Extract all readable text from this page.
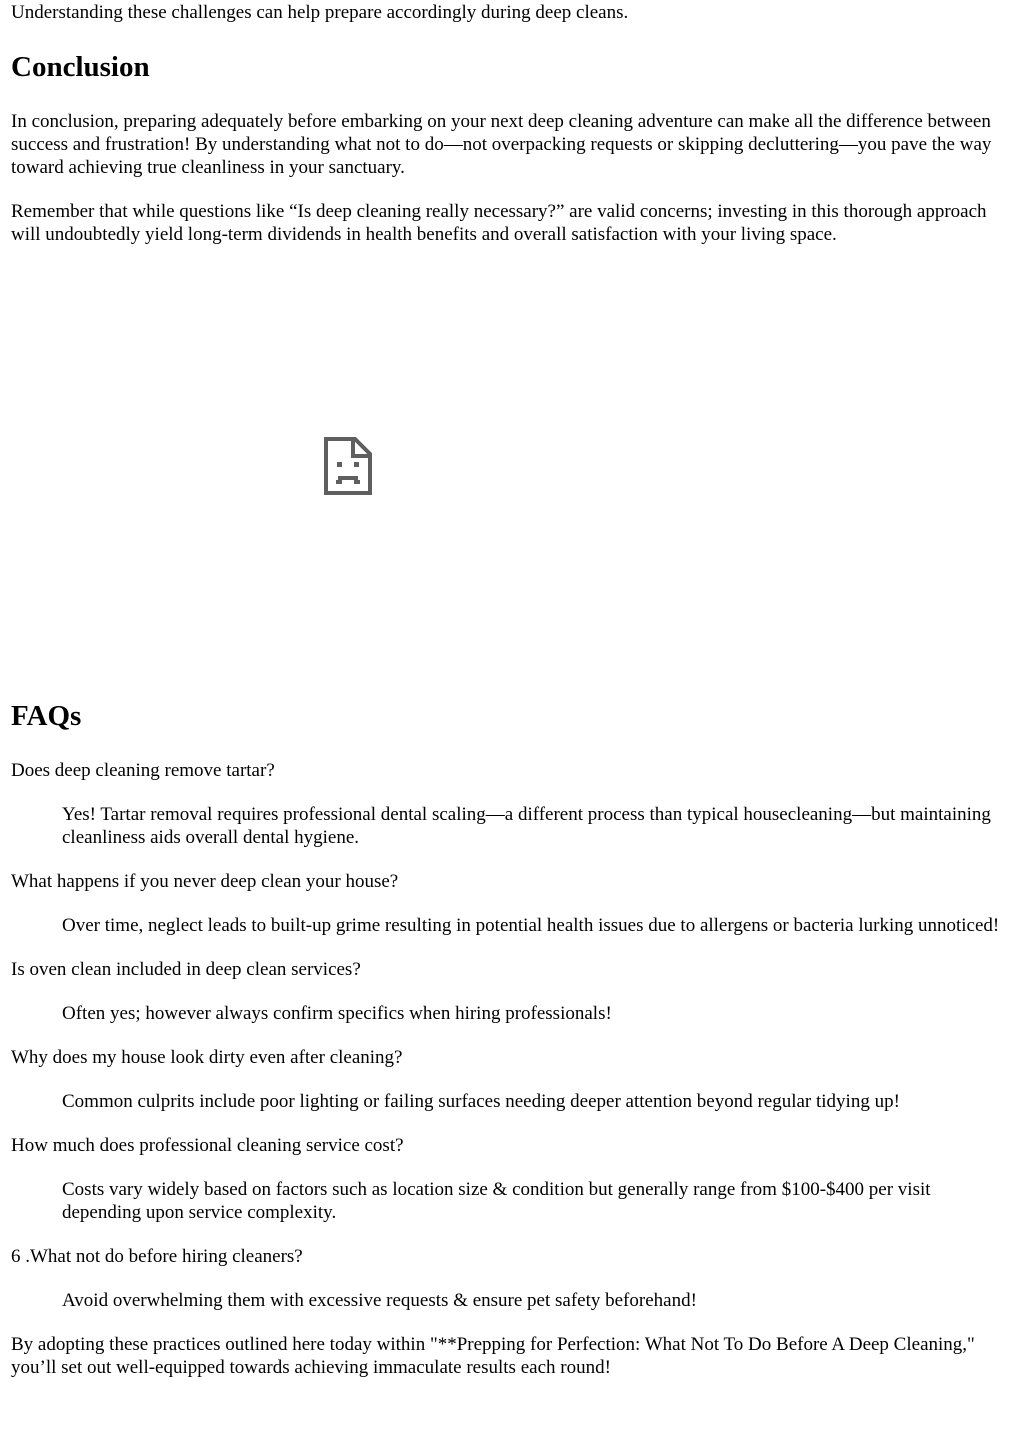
Understanding these challenges can help prepare accordingly during deep cleans.

Conclusion

In conclusion, preparing adequately before embarking on your next deep cleaning adventure can make all the difference between success and frustration! By understanding what not to do—not overpacking requests or skipping decluttering—you pave the way toward achieving true cleanliness in your sanctuary.

Remember that while questions like “Is deep cleaning really necessary?” are valid concerns; investing in this thorough approach will undoubtedly yield long-term dividends in health benefits and overall satisfaction with your living space.

FAQs
Does deep cleaning remove tartar?
Yes! Tartar removal requires professional dental scaling—a different process than typical housecleaning—but maintaining cleanliness aids overall dental hygiene.
What happens if you never deep clean your house?
Over time, neglect leads to built-up grime resulting in potential health issues due to allergens or bacteria lurking unnoticed!
Is oven clean included in deep clean services?
Often yes; however always confirm specifics when hiring professionals!
Why does my house look dirty even after cleaning?
Common culprits include poor lighting or failing surfaces needing deeper attention beyond regular tidying up!
How much does professional cleaning service cost?
Costs vary widely based on factors such as location size & condition but generally range from $100-$400 per visit depending upon service complexity.
6 .What not do before hiring cleaners?
Avoid overwhelming them with excessive requests & ensure pet safety beforehand!

By adopting these practices outlined here today within "**Prepping for Perfection: What Not To Do Before A Deep Cleaning," you’ll set out well-equipped towards achieving immaculate results each round!
